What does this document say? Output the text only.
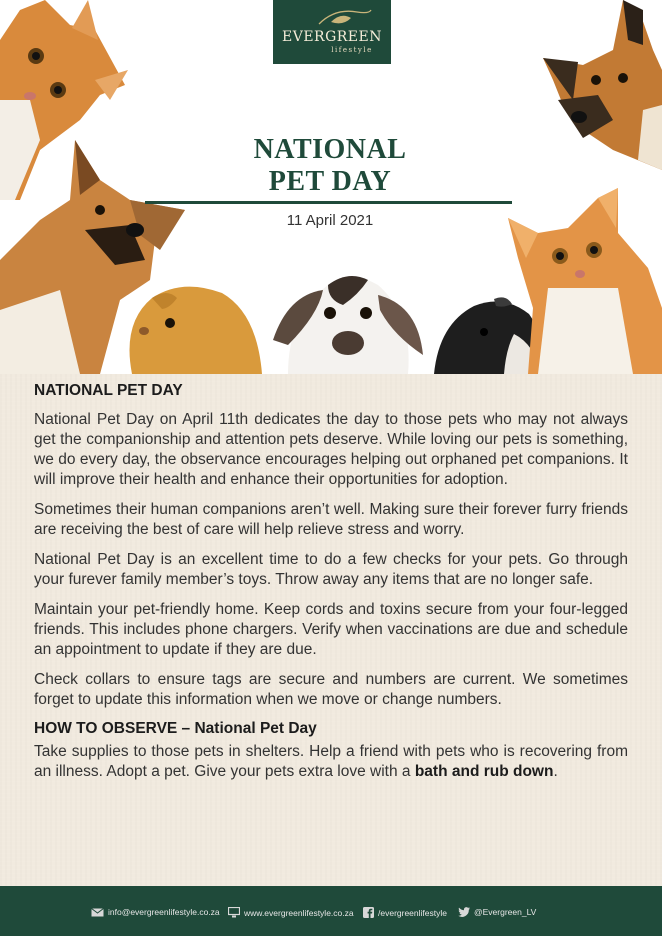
EVERGREEN
lifestyle
NATIONAL
PET DAY
11 April 2021
NATIONAL PET DAY

National Pet Day on April 11th dedicates the day to those pets who may not always get the companionship and attention pets deserve. While loving our pets is something, we do every day, the observance encourages helping out orphaned pet companions. It will improve their health and enhance their opportunities for adoption.

Sometimes their human companions aren’t well. Making sure their forever furry friends are receiving the best of care will help relieve stress and worry.

National Pet Day is an excellent time to do a few checks for your pets. Go through your furever family member’s toys. Throw away any items that are no longer safe.

Maintain your pet-friendly home. Keep cords and toxins secure from your four-legged friends. This includes phone chargers. Verify when vaccinations are due and schedule an appointment to update if they are due.

Check collars to ensure tags are secure and numbers are current. We sometimes forget to update this information when we move or change numbers.

HOW TO OBSERVE – National Pet Day

Take supplies to those pets in shelters. Help a friend with pets who is recovering from an illness. Adopt a pet. Give your pets extra love with a bath and rub down.

info@evergreenlifestyle.co.za	www.evergreenlifestyle.co.za	/evergreenlifestyle	@Evergreen_LV
